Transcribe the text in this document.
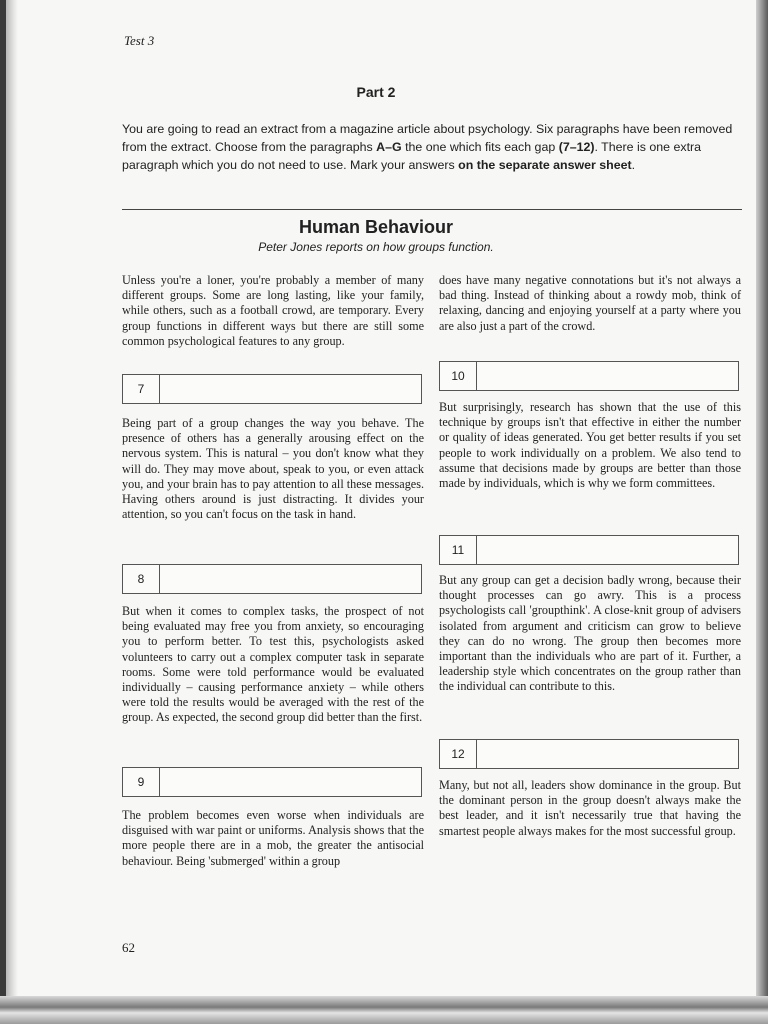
Test 3
Part 2
You are going to read an extract from a magazine article about psychology. Six paragraphs have been removed from the extract. Choose from the paragraphs A–G the one which fits each gap (7–12). There is one extra paragraph which you do not need to use. Mark your answers on the separate answer sheet.
Human Behaviour
Peter Jones reports on how groups function.
Unless you're a loner, you're probably a member of many different groups. Some are long lasting, like your family, while others, such as a football crowd, are temporary. Every group functions in different ways but there are still some common psychological features to any group.
7
Being part of a group changes the way you behave. The presence of others has a generally arousing effect on the nervous system. This is natural – you don't know what they will do. They may move about, speak to you, or even attack you, and your brain has to pay attention to all these messages. Having others around is just distracting. It divides your attention, so you can't focus on the task in hand.
8
But when it comes to complex tasks, the prospect of not being evaluated may free you from anxiety, so encouraging you to perform better. To test this, psychologists asked volunteers to carry out a complex computer task in separate rooms. Some were told performance would be evaluated individually – causing performance anxiety – while others were told the results would be averaged with the rest of the group. As expected, the second group did better than the first.
9
The problem becomes even worse when individuals are disguised with war paint or uniforms. Analysis shows that the more people there are in a mob, the greater the antisocial behaviour. Being 'submerged' within a group
does have many negative connotations but it's not always a bad thing. Instead of thinking about a rowdy mob, think of relaxing, dancing and enjoying yourself at a party where you are also just a part of the crowd.
10
But surprisingly, research has shown that the use of this technique by groups isn't that effective in either the number or quality of ideas generated. You get better results if you set people to work individually on a problem. We also tend to assume that decisions made by groups are better than those made by individuals, which is why we form committees.
11
But any group can get a decision badly wrong, because their thought processes can go awry. This is a process psychologists call 'groupthink'. A close-knit group of advisers isolated from argument and criticism can grow to believe they can do no wrong. The group then becomes more important than the individuals who are part of it. Further, a leadership style which concentrates on the group rather than the individual can contribute to this.
12
Many, but not all, leaders show dominance in the group. But the dominant person in the group doesn't always make the best leader, and it isn't necessarily true that having the smartest people always makes for the most successful group.
62
